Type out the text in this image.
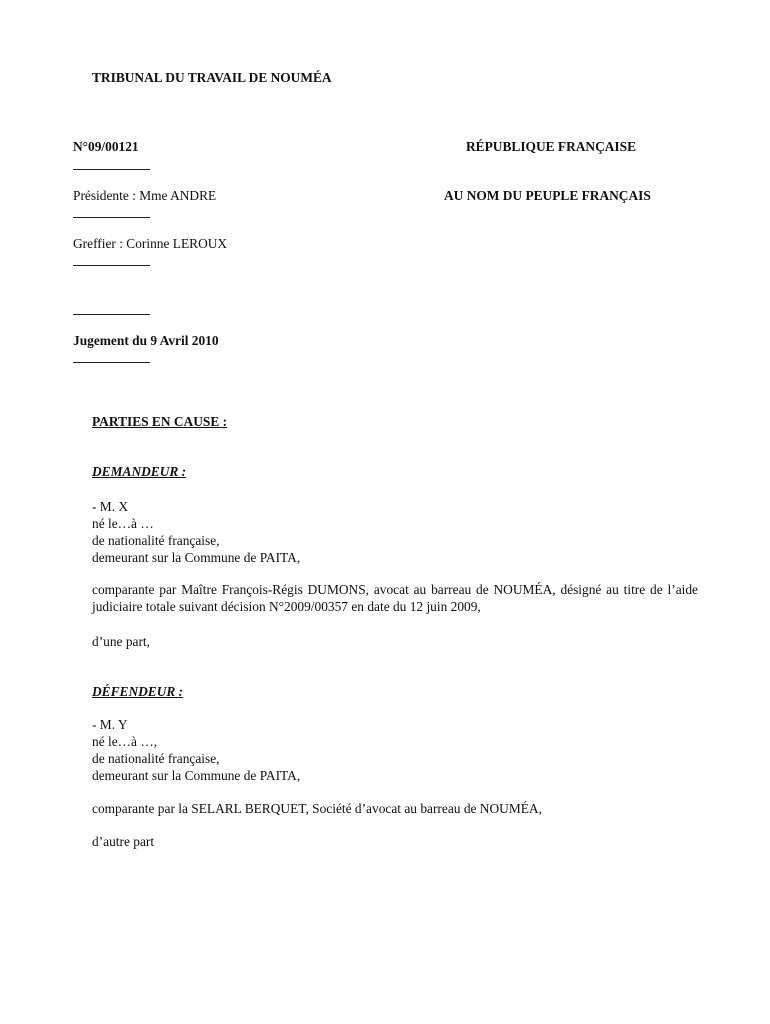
TRIBUNAL DU TRAVAIL DE NOUMÉA
N°09/00121	RÉPUBLIQUE FRANÇAISE
Présidente : Mme ANDRE	AU NOM DU PEUPLE FRANÇAIS
Greffier : Corinne LEROUX
Jugement du 9 Avril 2010
PARTIES EN CAUSE :
DEMANDEUR :
- M. X
né le…à …
de nationalité française,
demeurant sur la Commune de PAITA,
comparante par Maître François-Régis DUMONS, avocat au barreau de NOUMÉA, désigné au titre de l’aide judiciaire totale suivant décision N°2009/00357 en date du 12 juin 2009,
d’une part,
DÉFENDEUR :
- M. Y
né le…à …,
de nationalité française,
demeurant sur la Commune de PAITA,
comparante par la SELARL BERQUET, Société d’avocat au barreau de NOUMÉA,
d’autre part
